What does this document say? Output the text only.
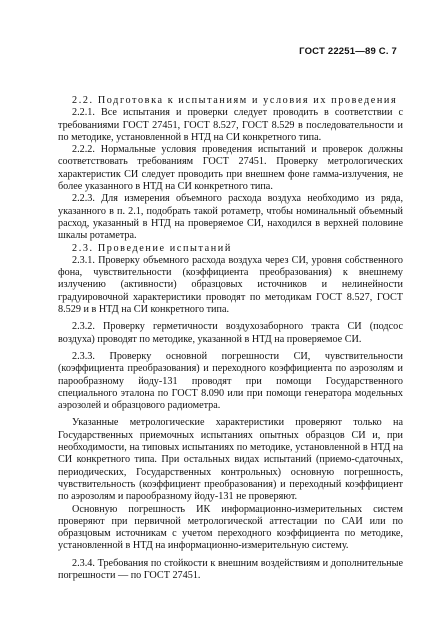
ГОСТ 22251—89 С. 7

2.2. Подготовка к испытаниям и условия их проведения

2.2.1. Все испытания и проверки следует проводить в соответствии с требованиями ГОСТ 27451, ГОСТ 8.527, ГОСТ 8.529 в последовательности и по методике, установленной в НТД на СИ конкретного типа.

2.2.2. Нормальные условия проведения испытаний и проверок должны соответствовать требованиям ГОСТ 27451. Проверку метрологических характеристик СИ следует проводить при внешнем фоне гамма-излучения, не более указанного в НТД на СИ конкретного типа.

2.2.3. Для измерения объемного расхода воздуха необходимо из ряда, указанного в п. 2.1, подобрать такой ротаметр, чтобы номинальный объемный расход, указанный в НТД на проверяемое СИ, находился в верхней половине шкалы ротаметра.

2.3. Проведение испытаний

2.3.1. Проверку объемного расхода воздуха через СИ, уровня собственного фона, чувствительности (коэффициента преобразования) к внешнему излучению (активности) образцовых источников и нелинейности градуировочной характеристики проводят по методикам ГОСТ 8.527, ГОСТ 8.529 и в НТД на СИ конкретного типа.

2.3.2. Проверку герметичности воздухозаборного тракта СИ (подсос воздуха) проводят по методике, указанной в НТД на проверяемое СИ.

2.3.3. Проверку основной погрешности СИ, чувствительности (коэффициента преобразования) и переходного коэффициента по аэрозолям и парообразному йоду-131 проводят при помощи Государственного специального эталона по ГОСТ 8.090 или при помощи генератора модельных аэрозолей и образцового радиометра.

Указанные метрологические характеристики проверяют только на Государственных приемочных испытаниях опытных образцов СИ и, при необходимости, на типовых испытаниях по методике, установленной в НТД на СИ конкретного типа. При остальных видах испытаний (приемо-сдаточных, периодических, Государственных контрольных) основную погрешность, чувствительность (коэффициент преобразования) и переходный коэффициент по аэрозолям и парообразному йоду-131 не проверяют.

Основную погрешность ИК информационно-измерительных систем проверяют при первичной метрологической аттестации по САИ или по образцовым источникам с учетом переходного коэффициента по методике, установленной в НТД на информационно-измерительную систему.

2.3.4. Требования по стойкости к внешним воздействиям и дополнительные погрешности — по ГОСТ 27451.
